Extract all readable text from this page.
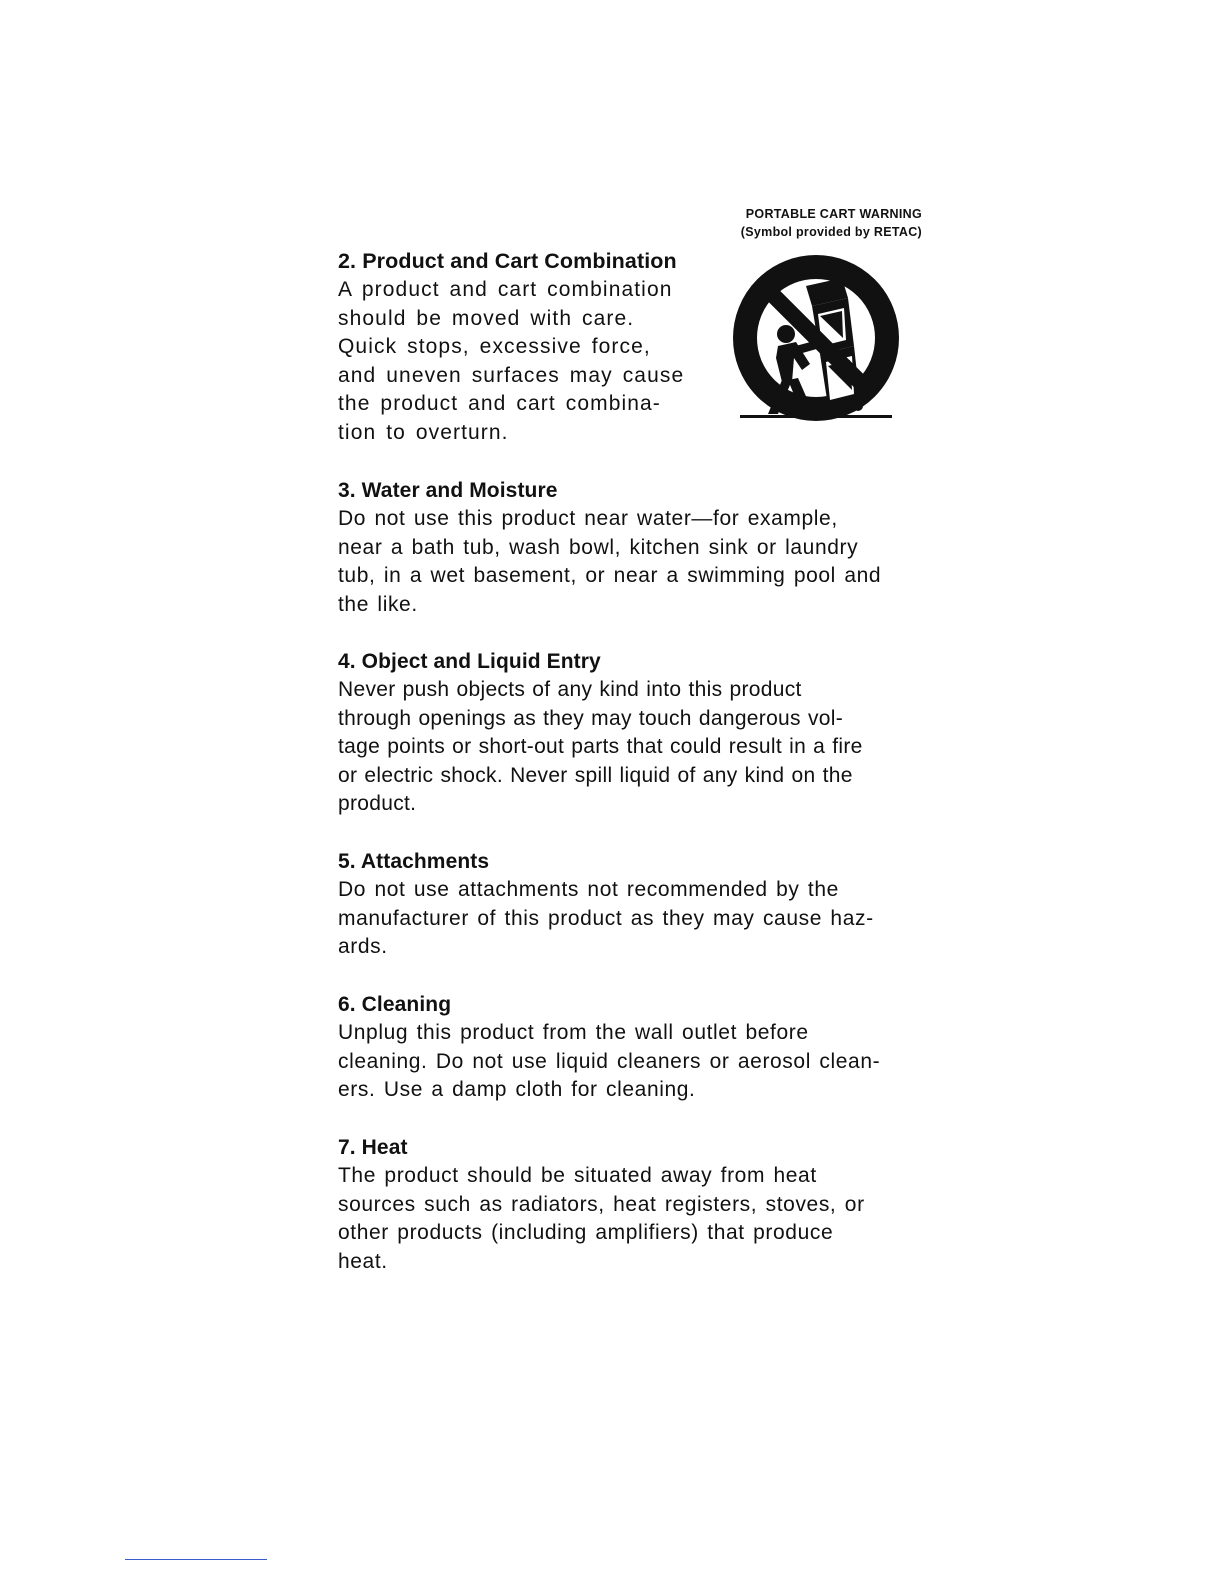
PORTABLE CART WARNING
(Symbol provided by RETAC)
2. Product and Cart Combination

A product and cart combination
should be moved with care.
Quick stops, excessive force,
and uneven surfaces may cause
the product and cart combina-
tion to overturn.

3. Water and Moisture

Do not use this product near water—for example,
near a bath tub, wash bowl, kitchen sink or laundry
tub, in a wet basement, or near a swimming pool and
the like.

4. Object and Liquid Entry

Never push objects of any kind into this product
through openings as they may touch dangerous vol-
tage points or short-out parts that could result in a fire
or electric shock. Never spill liquid of any kind on the
product.

5. Attachments

Do not use attachments not recommended by the
manufacturer of this product as they may cause haz-
ards.

6. Cleaning

Unplug this product from the wall outlet before
cleaning. Do not use liquid cleaners or aerosol clean-
ers. Use a damp cloth for cleaning.

7. Heat

The product should be situated away from heat
sources such as radiators, heat registers, stoves, or
other products (including amplifiers) that produce
heat.
